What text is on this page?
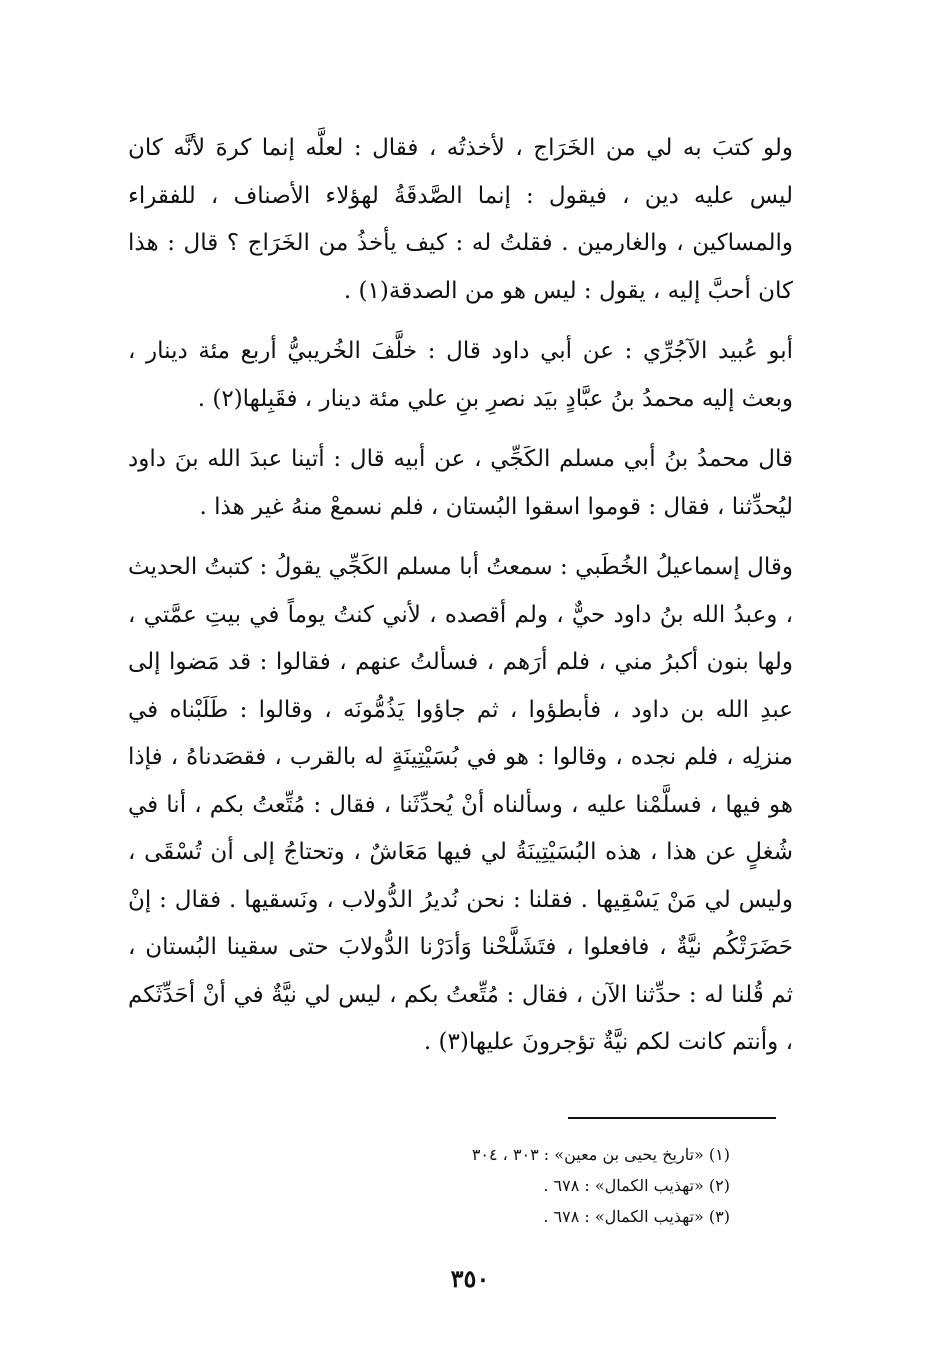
ولو كتبَ به لي من الخَرَاج ، لأخذتُه ، فقال : لعلَّه إنما كرهَ لأنَّه كان ليس عليه دين ، فيقول : إنما الصَّدقَةُ لهؤلاء الأصناف ، للفقراء والمساكين ، والغارمين . فقلتُ له : كيف يأخذُ من الخَرَاج ؟ قال : هذا كان أحبَّ إليه ، يقول : ليس هو من الصدقة(١) .

أبو عُبيد الآجُرِّي : عن أبي داود قال : خلَّفَ الخُريبيُّ أربع مئة دينار ، وبعث إليه محمدُ بنُ عبَّادٍ بيَد نصرِ بنِ علي مئة دينار ، فقَبِلها(٢) .

قال محمدُ بنُ أبي مسلم الكَجِّي ، عن أبيه قال : أتينا عبدَ الله بنَ داود ليُحدِّثنا ، فقال : قوموا اسقوا البُستان ، فلم نسمعْ منهُ غير هذا .

وقال إسماعيلُ الخُطَبي : سمعتُ أبا مسلم الكَجِّي يقولُ : كتبتُ الحديث ، وعبدُ الله بنُ داود حيٌّ ، ولم أقصده ، لأني كنتُ يوماً في بيتِ عمَّتي ، ولها بنون أكبرُ مني ، فلم أرَهم ، فسألتُ عنهم ، فقالوا : قد مَضوا إلى عبدِ الله بن داود ، فأبطؤوا ، ثم جاؤوا يَذُمُّونَه ، وقالوا : طَلَبْناه في منزلِه ، فلم نجده ، وقالوا : هو في بُسَيْتِينَةٍ له بالقرب ، فقصَدناهُ ، فإذا هو فيها ، فسلَّمْنا عليه ، وسألناه أنْ يُحدِّثَنا ، فقال : مُتِّعتُ بكم ، أنا في شُغلٍ عن هذا ، هذه البُسَيْتِينَةُ لي فيها مَعَاشٌ ، وتحتاجُ إلى أن تُسْقَى ، وليس لي مَنْ يَسْقِيها . فقلنا : نحن نُديرُ الدُّولاب ، ونَسقيها . فقال : إنْ حَضَرَتْكُم نيَّةٌ ، فافعلوا ، فتَشَلَّحْنا وَأدَرْنا الدُّولابَ حتى سقينا البُستان ، ثم قُلنا له : حدِّثنا الآن ، فقال : مُتِّعتُ بكم ، ليس لي نيَّةٌ في أنْ أحَدِّثَكم ، وأنتم كانت لكم نيَّةٌ تؤجرونَ عليها(٣) .

(١) «تاريخ يحيى بن معين» : ٣٠٣ ، ٣٠٤
(٢) «تهذيب الكمال» : ٦٧٨ .
(٣) «تهذيب الكمال» : ٦٧٨ .
٣٥٠
